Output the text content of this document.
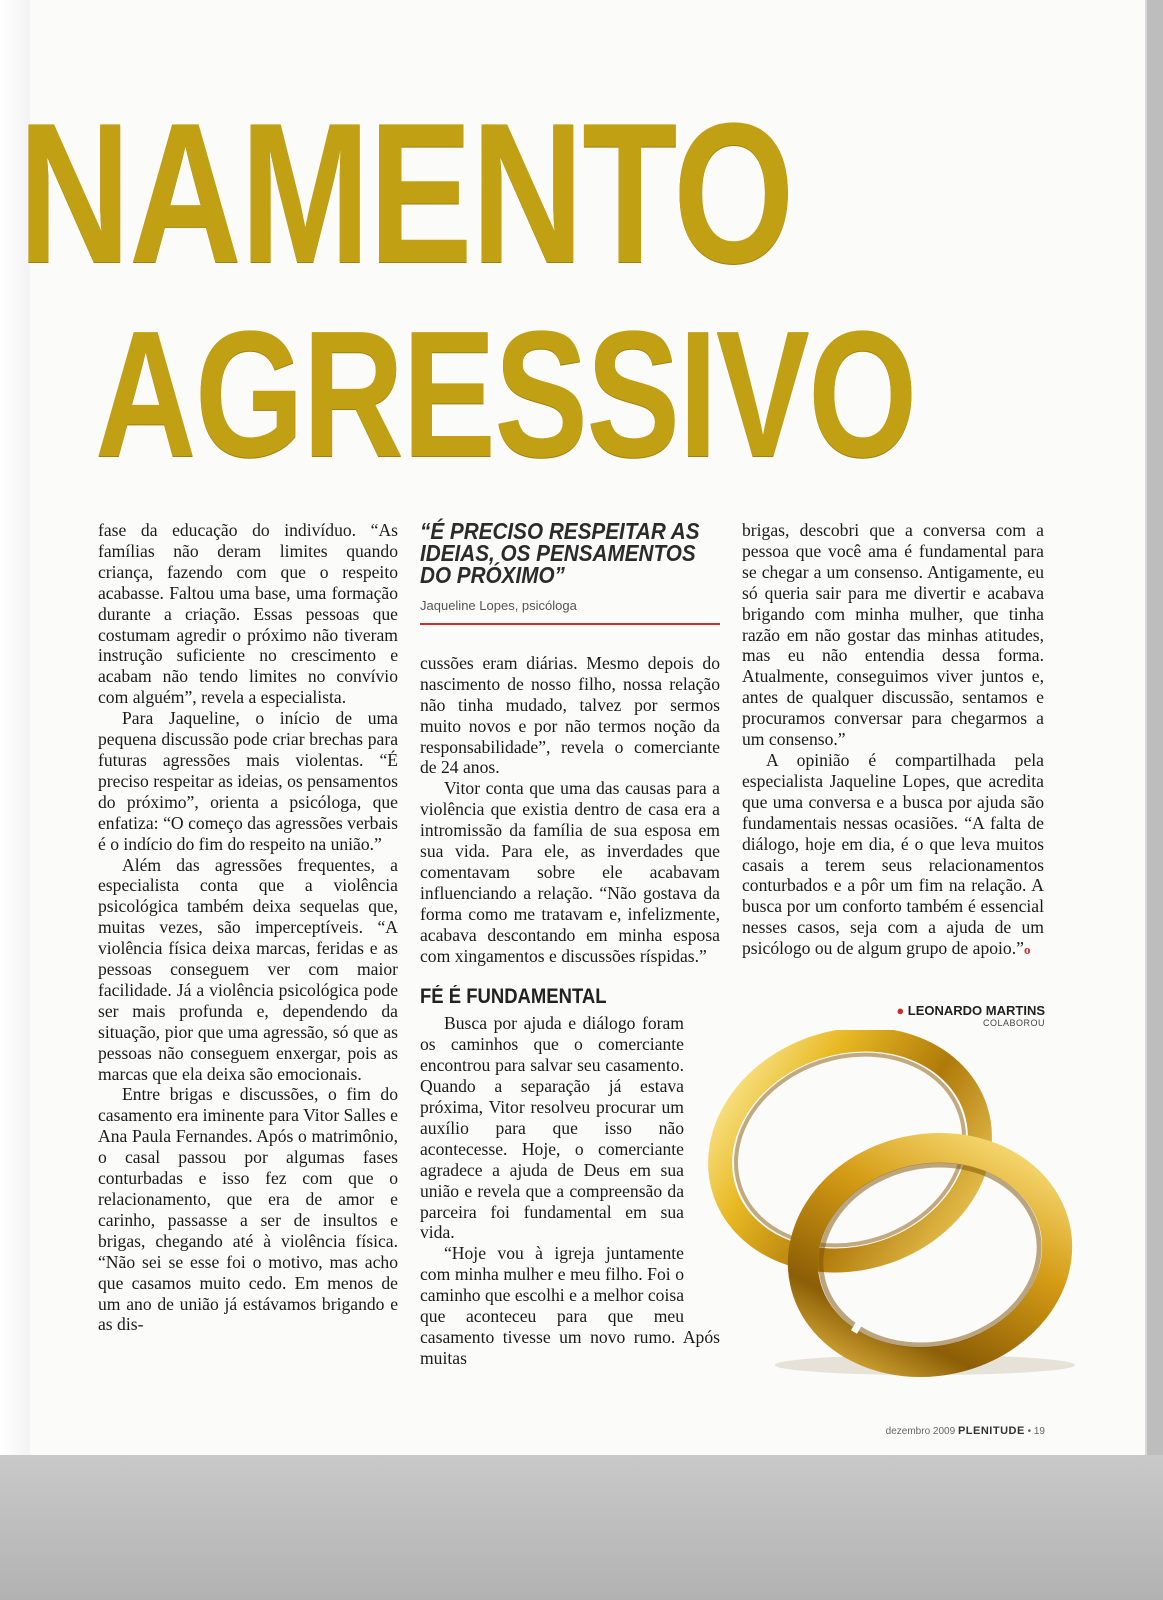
NAMENTO
AGRESSIVO

fase da educação do indivíduo. “As famílias não deram limites quando criança, fazendo com que o respeito acabasse. Faltou uma base, uma formação durante a criação. Essas pessoas que costumam agredir o próximo não tiveram instrução suficiente no crescimento e acabam não tendo limites no convívio com alguém”, revela a especialista.

Para Jaqueline, o início de uma pequena discussão pode criar brechas para futuras agressões mais violentas. “É preciso respeitar as ideias, os pensamentos do próximo”, orienta a psicóloga, que enfatiza: “O começo das agressões verbais é o indício do fim do respeito na união.”

Além das agressões frequentes, a especialista conta que a violência psicológica também deixa sequelas que, muitas vezes, são imperceptíveis. “A violência física deixa marcas, feridas e as pessoas conseguem ver com maior facilidade. Já a violência psicológica pode ser mais profunda e, dependendo da situação, pior que uma agressão, só que as pessoas não conseguem enxergar, pois as marcas que ela deixa são emocionais.

Entre brigas e discussões, o fim do casamento era iminente para Vitor Salles e Ana Paula Fernandes. Após o matrimônio, o casal passou por algumas fases conturbadas e isso fez com que o relacionamento, que era de amor e carinho, passasse a ser de insultos e brigas, chegando até à violência física. “Não sei se esse foi o motivo, mas acho que casamos muito cedo. Em menos de um ano de união já estávamos brigando e as dis-

“É PRECISO RESPEITAR AS IDEIAS, OS PENSAMENTOS DO PRÓXIMO”
Jaqueline Lopes, psicóloga

cussões eram diárias. Mesmo depois do nascimento de nosso filho, nossa relação não tinha mudado, talvez por sermos muito novos e por não termos noção da responsabilidade”, revela o comerciante de 24 anos.

Vitor conta que uma das causas para a violência que existia dentro de casa era a intromissão da família de sua esposa em sua vida. Para ele, as inverdades que comentavam sobre ele acabavam influenciando a relação. “Não gostava da forma como me tratavam e, infelizmente, acabava descontando em minha esposa com xingamentos e discussões ríspidas.”

FÉ É FUNDAMENTAL

Busca por ajuda e diálogo foram os caminhos que o comerciante encontrou para salvar seu casamento. Quando a separação já estava próxima, Vitor resolveu procurar um auxílio para que isso não acontecesse. Hoje, o comerciante agradece a ajuda de Deus em sua união e revela que a compreensão da parceira foi fundamental em sua vida.

“Hoje vou à igreja juntamente com minha mulher e meu filho. Foi o caminho que escolhi e a melhor coisa que aconteceu para que meu casamento tivesse um novo rumo. Após muitas

brigas, descobri que a conversa com a pessoa que você ama é fundamental para se chegar a um consenso. Antigamente, eu só queria sair para me divertir e acabava brigando com minha mulher, que tinha razão em não gostar das minhas atitudes, mas eu não entendia dessa forma. Atualmente, conseguimos viver juntos e, antes de qualquer discussão, sentamos e procuramos conversar para chegarmos a um consenso.”

A opinião é compartilhada pela especialista Jaqueline Lopes, que acredita que uma conversa e a busca por ajuda são fundamentais nessas ocasiões. “A falta de diálogo, hoje em dia, é o que leva muitos casais a terem seus relacionamentos conturbados e a pôr um fim na relação. A busca por um conforto também é essencial nesses casos, seja com a ajuda de um psicólogo ou de algum grupo de apoio.”o

● LEONARDO MARTINS
COLABOROU
dezembro 2009 PLENITUDE • 19
